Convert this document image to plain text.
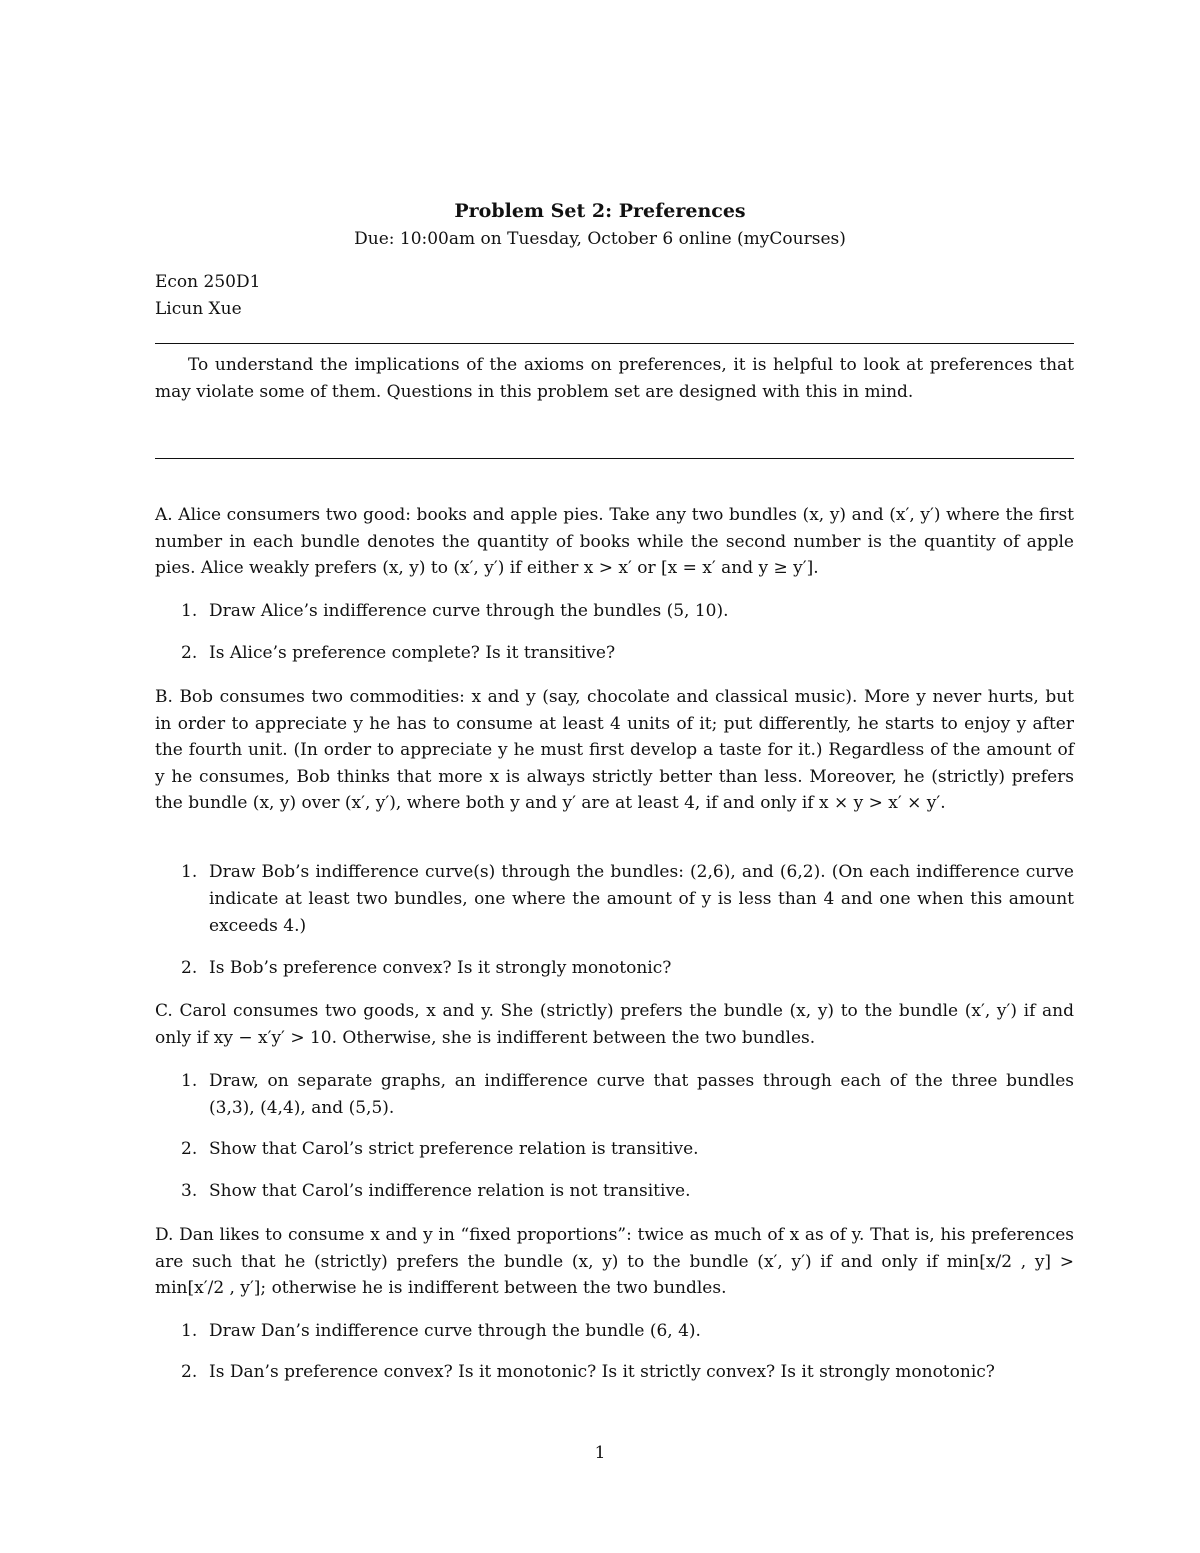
Problem Set 2: Preferences
Due: 10:00am on Tuesday, October 6 online (myCourses)
Econ 250D1
Licun Xue
To understand the implications of the axioms on preferences, it is helpful to look at preferences that may violate some of them. Questions in this problem set are designed with this in mind.
A. Alice consumers two good: books and apple pies. Take any two bundles (x, y) and (x′, y′) where the first number in each bundle denotes the quantity of books while the second number is the quantity of apple pies. Alice weakly prefers (x, y) to (x′, y′) if either x > x′ or [x = x′ and y ≥ y′].
1. Draw Alice’s indifference curve through the bundles (5, 10).
2. Is Alice’s preference complete? Is it transitive?
B. Bob consumes two commodities: x and y (say, chocolate and classical music). More y never hurts, but in order to appreciate y he has to consume at least 4 units of it; put differently, he starts to enjoy y after the fourth unit. (In order to appreciate y he must first develop a taste for it.) Regardless of the amount of y he consumes, Bob thinks that more x is always strictly better than less. Moreover, he (strictly) prefers the bundle (x, y) over (x′, y′), where both y and y′ are at least 4, if and only if x × y > x′ × y′.
1. Draw Bob’s indifference curve(s) through the bundles: (2,6), and (6,2). (On each indifference curve indicate at least two bundles, one where the amount of y is less than 4 and one when this amount exceeds 4.)
2. Is Bob’s preference convex? Is it strongly monotonic?
C. Carol consumes two goods, x and y. She (strictly) prefers the bundle (x, y) to the bundle (x′, y′) if and only if xy − x′y′ > 10. Otherwise, she is indifferent between the two bundles.
1. Draw, on separate graphs, an indifference curve that passes through each of the three bundles (3,3), (4,4), and (5,5).
2. Show that Carol’s strict preference relation is transitive.
3. Show that Carol’s indifference relation is not transitive.
D. Dan likes to consume x and y in “fixed proportions”: twice as much of x as of y. That is, his preferences are such that he (strictly) prefers the bundle (x, y) to the bundle (x′, y′) if and only if min[x/2 , y] > min[x′/2 , y′]; otherwise he is indifferent between the two bundles.
1. Draw Dan’s indifference curve through the bundle (6, 4).
2. Is Dan’s preference convex? Is it monotonic? Is it strictly convex? Is it strongly monotonic?
1
